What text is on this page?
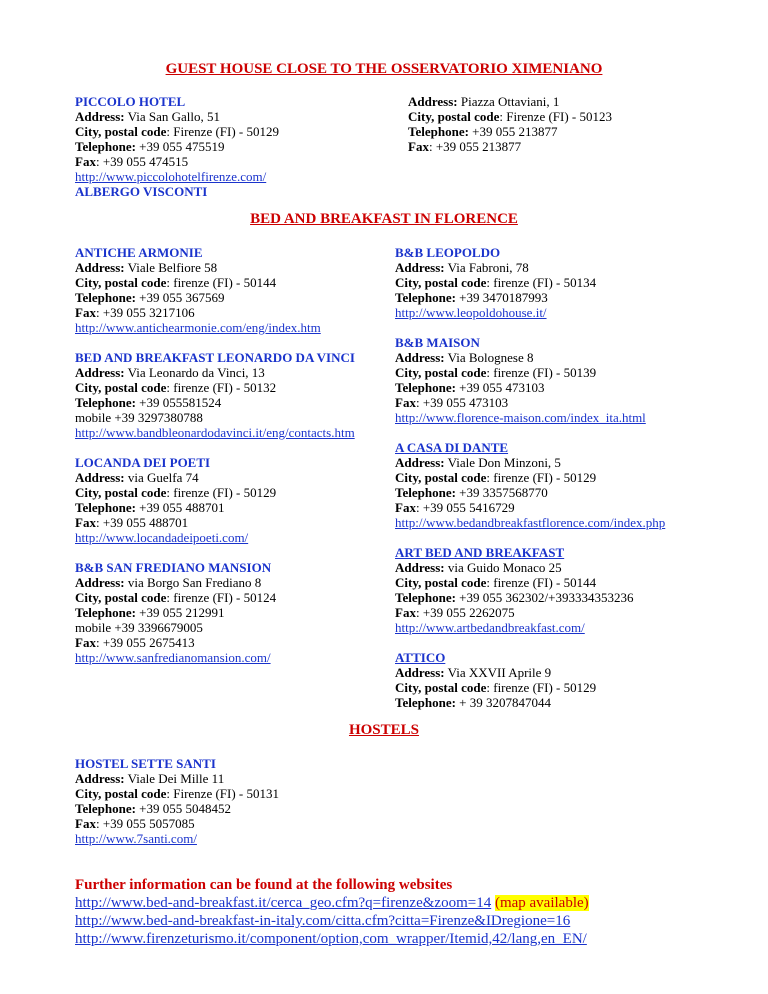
GUEST HOUSE CLOSE TO THE OSSERVATORIO XIMENIANO
PICCOLO HOTEL
Address: Via San Gallo, 51
City, postal code: Firenze (FI) - 50129
Telephone: +39 055 475519
Fax: +39 055 474515
http://www.piccolohotelfirenze.com/
ALBERGO VISCONTI
Address: Piazza Ottaviani, 1
City, postal code: Firenze (FI) - 50123
Telephone: +39 055 213877
Fax: +39 055 213877
BED AND BREAKFAST IN FLORENCE
ANTICHE ARMONIE
Address: Viale Belfiore 58
City, postal code: firenze (FI) - 50144
Telephone: +39 055 367569
Fax: +39 055 3217106
http://www.antichearmonie.com/eng/index.htm
BED AND BREAKFAST LEONARDO DA VINCI
Address: Via Leonardo da Vinci, 13
City, postal code: firenze (FI) - 50132
Telephone: +39 055581524
mobile +39 3297380788
http://www.bandbleonardodavinci.it/eng/contacts.htm
LOCANDA DEI POETI
Address: via Guelfa 74
City, postal code: firenze (FI) - 50129
Telephone: +39 055 488701
Fax: +39 055 488701
http://www.locandadeipoeti.com/
B&B SAN FREDIANO MANSION
Address: via Borgo San Frediano 8
City, postal code: firenze (FI) - 50124
Telephone: +39 055 212991
mobile +39 3396679005
Fax: +39 055 2675413
http://www.sanfredianomansion.com/
B&B LEOPOLDO
Address: Via Fabroni, 78
City, postal code: firenze (FI) - 50134
Telephone: +39 3470187993
http://www.leopoldohouse.it/
B&B MAISON
Address: Via Bolognese 8
City, postal code: firenze (FI) - 50139
Telephone: +39 055 473103
Fax: +39 055 473103
http://www.florence-maison.com/index_ita.html
A CASA DI DANTE
Address: Viale Don Minzoni, 5
City, postal code: firenze (FI) - 50129
Telephone: +39 3357568770
Fax: +39 055 5416729
http://www.bedandbreakfastflorence.com/index.php
ART BED AND BREAKFAST
Address: via Guido Monaco 25
City, postal code: firenze (FI) - 50144
Telephone: +39 055 362302/+393334353236
Fax: +39 055 2262075
http://www.artbedandbreakfast.com/
ATTICO
Address: Via XXVII Aprile 9
City, postal code: firenze (FI) - 50129
Telephone: + 39 3207847044
HOSTELS
HOSTEL SETTE SANTI
Address: Viale Dei Mille 11
City, postal code: Firenze (FI) - 50131
Telephone: +39 055 5048452
Fax: +39 055 5057085
http://www.7santi.com/
Further information can be found at the following websites
http://www.bed-and-breakfast.it/cerca_geo.cfm?q=firenze&zoom=14 (map available)
http://www.bed-and-breakfast-in-italy.com/citta.cfm?citta=Firenze&IDregione=16
http://www.firenzeturismo.it/component/option,com_wrapper/Itemid,42/lang,en_EN/
